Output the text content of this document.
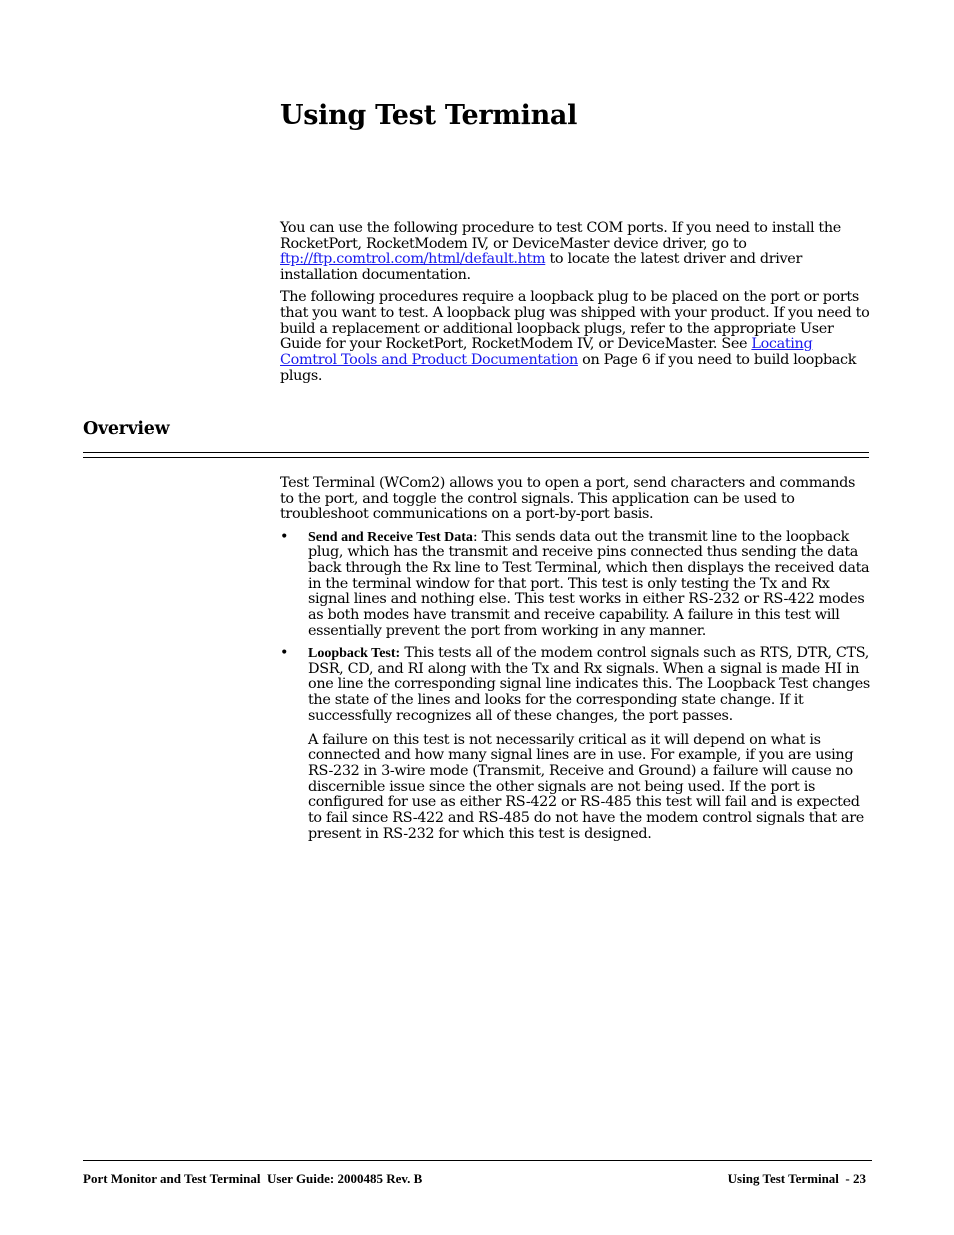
Using Test Terminal

You can use the following procedure to test COM ports. If you need to install the RocketPort, RocketModem IV, or DeviceMaster device driver, go to ftp://ftp.comtrol.com/html/default.htm to locate the latest driver and driver installation documentation.

The following procedures require a loopback plug to be placed on the port or ports that you want to test. A loopback plug was shipped with your product. If you need to build a replacement or additional loopback plugs, refer to the appropriate User Guide for your RocketPort, RocketModem IV, or DeviceMaster. See Locating Comtrol Tools and Product Documentation on Page 6 if you need to build loopback plugs.

Overview

Test Terminal (WCom2) allows you to open a port, send characters and commands to the port, and toggle the control signals. This application can be used to troubleshoot communications on a port-by-port basis.

• Send and Receive Test Data: This sends data out the transmit line to the loopback plug, which has the transmit and receive pins connected thus sending the data back through the Rx line to Test Terminal, which then displays the received data in the terminal window for that port. This test is only testing the Tx and Rx signal lines and nothing else. This test works in either RS-232 or RS-422 modes as both modes have transmit and receive capability. A failure in this test will essentially prevent the port from working in any manner.
• Loopback Test: This tests all of the modem control signals such as RTS, DTR, CTS, DSR, CD, and RI along with the Tx and Rx signals. When a signal is made HI in one line the corresponding signal line indicates this. The Loopback Test changes the state of the lines and looks for the corresponding state change. If it successfully recognizes all of these changes, the port passes.
A failure on this test is not necessarily critical as it will depend on what is connected and how many signal lines are in use. For example, if you are using RS-232 in 3-wire mode (Transmit, Receive and Ground) a failure will cause no discernible issue since the other signals are not being used. If the port is configured for use as either RS-422 or RS-485 this test will fail and is expected to fail since RS-422 and RS-485 do not have the modem control signals that are present in RS-232 for which this test is designed.
Port Monitor and Test Terminal  User Guide: 2000485 Rev. B	Using Test Terminal  - 23
